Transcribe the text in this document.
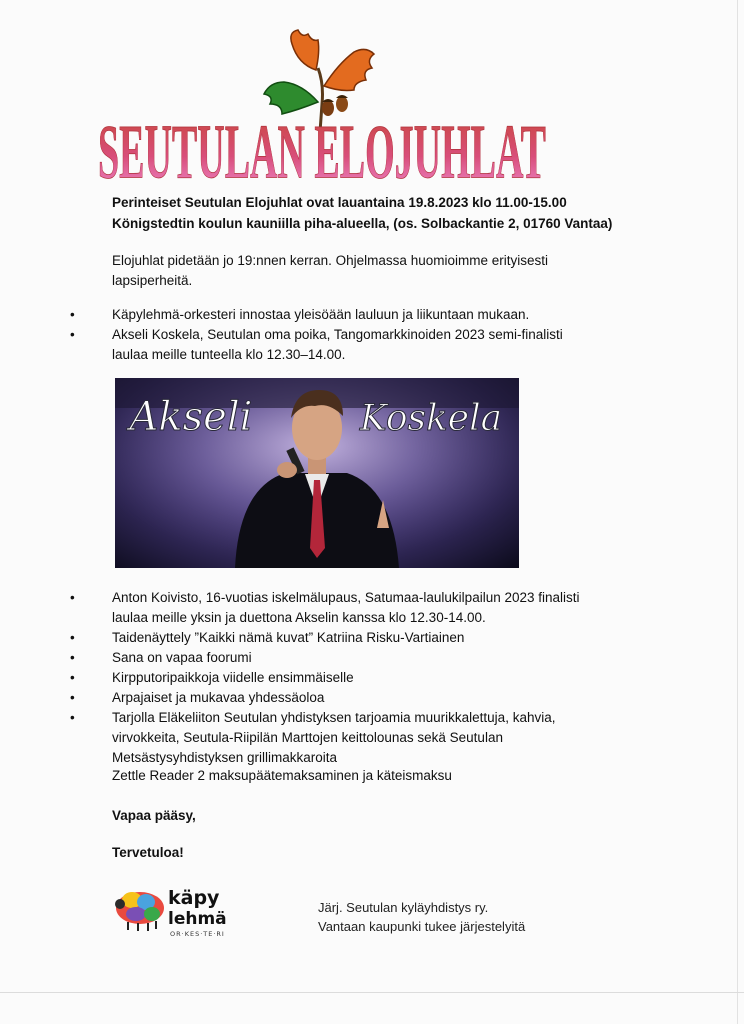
SEUTULAN ELOJUHLAT
Perinteiset Seutulan Elojuhlat ovat lauantaina 19.8.2023 klo 11.00-15.00
Königstedtin koulun kauniilla piha-alueella, (os. Solbackantie 2, 01760 Vantaa)
Elojuhlat pidetään jo 19:nnen kerran. Ohjelmassa huomioimme erityisesti lapsiperheitä.
•	Käpylehmä-orkesteri innostaa yleisöään lauluun ja liikuntaan mukaan.
•	Akseli Koskela, Seutulan oma poika, Tangomarkkinoiden 2023 semi-finalisti laulaa meille tunteella klo 12.30–14.00.
Akseli	Koskela
•	Anton Koivisto, 16-vuotias iskelmälupaus, Satumaa-laulukilpailun 2023 finalisti laulaa meille yksin ja duettona Akselin kanssa klo 12.30-14.00.
•	Taidenäyttely ”Kaikki nämä kuvat” Katriina Risku-Vartiainen
•	Sana on vapaa foorumi
•	Kirpputoripaikkoja viidelle ensimmäiselle
•	Arpajaiset ja mukavaa yhdessäoloa
•	Tarjolla Eläkeliiton Seutulan yhdistyksen tarjoamia muurikkalettuja, kahvia, virvokkeita, Seutula-Riipilän Marttojen keittolounas sekä Seutulan Metsästysyhdistyksen grillimakkaroita
Zettle Reader 2 maksupäätemaksaminen ja käteismaksu
Vapaa pääsy,
Tervetuloa!
käpy
lehmä
OR·KES·TE·RI
Järj. Seutulan kyläyhdistys ry.
Vantaan kaupunki tukee järjestelyitä
